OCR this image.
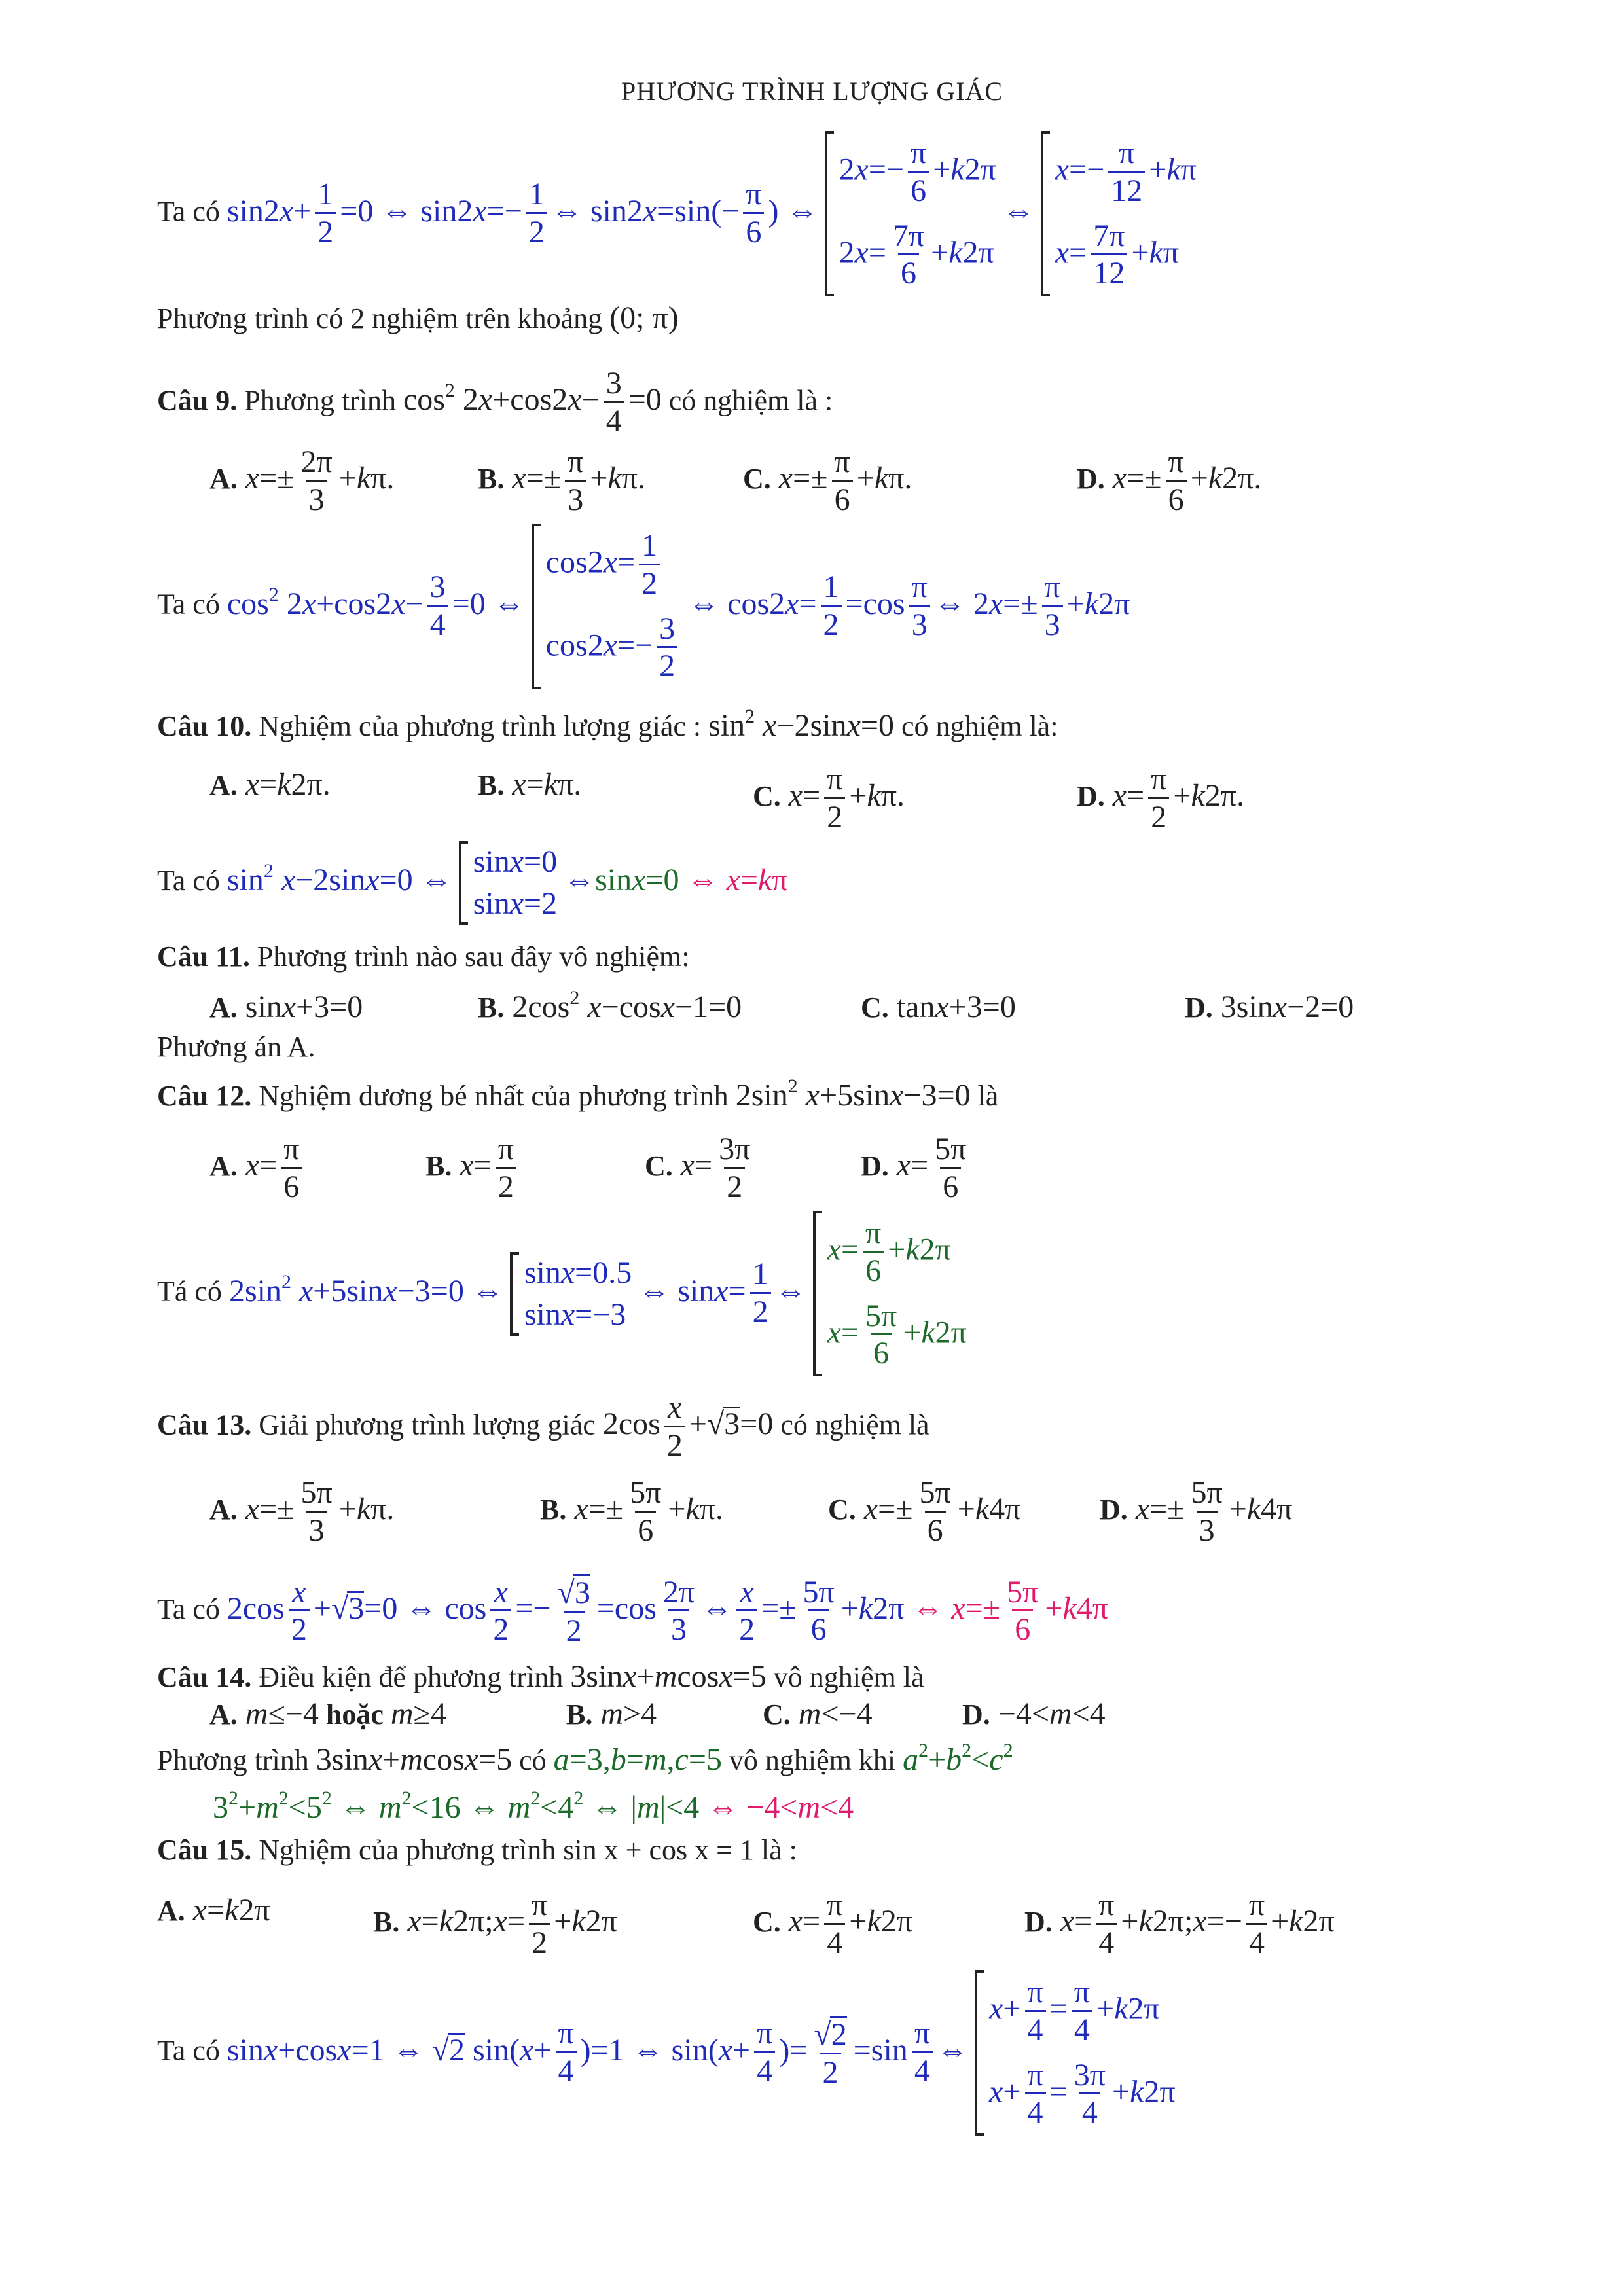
PHƯƠNG TRÌNH LƯỢNG GIÁC
Ta có $\sin 2x+ \frac{1}{2} =0$ ⇔ $\sin 2x=- \frac{1}{2}$ ⇔ $\sin 2x=\sin(- \frac{\pi}{6}$ ) ⇔
$2x=- \frac{\pi}{6} +k2\pi$
$2x= \frac{7\pi}{6} +k2\pi$
⇔
$x=- \frac{\pi}{12} +k\pi$
$x= \frac{7\pi}{12} +k\pi$
Phương trình có 2 nghiệm trên khoảng (0; π)
Câu 9. Phương trình $\cos^2 2x+\cos 2x- \frac{3}{4} =0$ có nghiệm là :
A. $x=\pm \frac{2\pi}{3} +k\pi$.	B. $x=\pm \frac{\pi}{3} +k\pi$.	C. $x=\pm \frac{\pi}{6} +k\pi$.	D. $x=\pm \frac{\pi}{6} +k2\pi$.
Ta có $\cos^2 2x+\cos 2x- \frac{3}{4} =0$ ⇔
$\cos 2x= \frac{1}{2}$
$\cos 2x=- \frac{3}{2}$
⇔ $\cos 2x= \frac{1}{2} =\cos \frac{\pi}{3}$ ⇔ $2x=\pm \frac{\pi}{3} +k2\pi$
Câu 10. Nghiệm của phương trình lượng giác : $\sin^2 x-2\sin x=0$ có nghiệm là:
A. x=k2π.	B. x=kπ.	C. $x= \frac{\pi}{2} +k\pi$.	D. $x= \frac{\pi}{2} +k2\pi$.
Ta có $\sin^2 x-2\sin x=0$ ⇔
sinx=0
sinx=2
⇔sinx=0 ⇔ x=kπ
Câu 11. Phương trình nào sau đây vô nghiệm:
A. sinx+3=0	B. $2\cos^2$ x−cosx−1=0	C. tanx+3=0	D. 3sinx−2=0
Phương án A.
Câu 12. Nghiệm dương bé nhất của phương trình $2\sin^2$ x+5sinx−3=0 là
A. $x= \frac{\pi}{6}$	B. $x= \frac{\pi}{2}$	C. $x= \frac{3\pi}{2}$	D. $x= \frac{5\pi}{6}$
Tá có $2\sin^2$ x+5sinx−3=0 ⇔
sinx=0.5
sinx=−3
⇔ $\sin x= \frac{1}{2}$ ⇔
$x= \frac{\pi}{6} +k2\pi$
$x= \frac{5\pi}{6} +k2\pi$
Câu 13. Giải phương trình lượng giác $2\cos \frac{x}{2} +√3=0$ có nghiệm là
A. $x=\pm \frac{5\pi}{3} +k\pi$.	B. $x=\pm \frac{5\pi}{6} +k\pi$.	C. $x=\pm \frac{5\pi}{6} +k4\pi$	D. $x=\pm \frac{5\pi}{3} +k4\pi$
Ta có $2\cos \frac{x}{2} +√3=0$ ⇔ $\cos \frac{x}{2} =- \frac{√3}{2} =\cos \frac{2\pi}{3}$ ⇔ $\frac{x}{2} =\pm \frac{5\pi}{6} +k2\pi$ ⇔ $x=\pm \frac{5\pi}{6} +k4\pi$
Câu 14. Điều kiện để phương trình 3sinx+mcosx=5 vô nghiệm là
A. m≤−4 hoặc m≥4	B. m>4	C. m<−4	D. −4<m<4
Phương trình 3sinx+mcosx=5 có a=3,b=m,c=5 vô nghiệm khi $a^2+b^2<c^2$
$3^2+m^2<5^2$ ⇔ $m^2<16$ ⇔ $m^2<4^2$ ⇔ |m|<4 ⇔ −4<m<4
Câu 15. Nghiệm của phương trình sin x + cos x = 1 là :
A. x=k2π	B. x=k2π;x= $\frac{\pi}{2} +k2\pi$	C. $x= \frac{\pi}{4} +k2\pi$	D. $x= \frac{\pi}{4}$ +k2π;x=− $\frac{\pi}{4} +k2\pi$
Ta có sinx+cosx=1 ⇔ √2 $\sin(x+ \frac{\pi}{4} )=1$ ⇔ $\sin(x+ \frac{\pi}{4}$ )= $\frac{√2}{2} =\sin \frac{\pi}{4}$ ⇔
$x+ \frac{\pi}{4} = \frac{\pi}{4} +k2\pi$
$x+ \frac{\pi}{4} = \frac{3\pi}{4} +k2\pi$
